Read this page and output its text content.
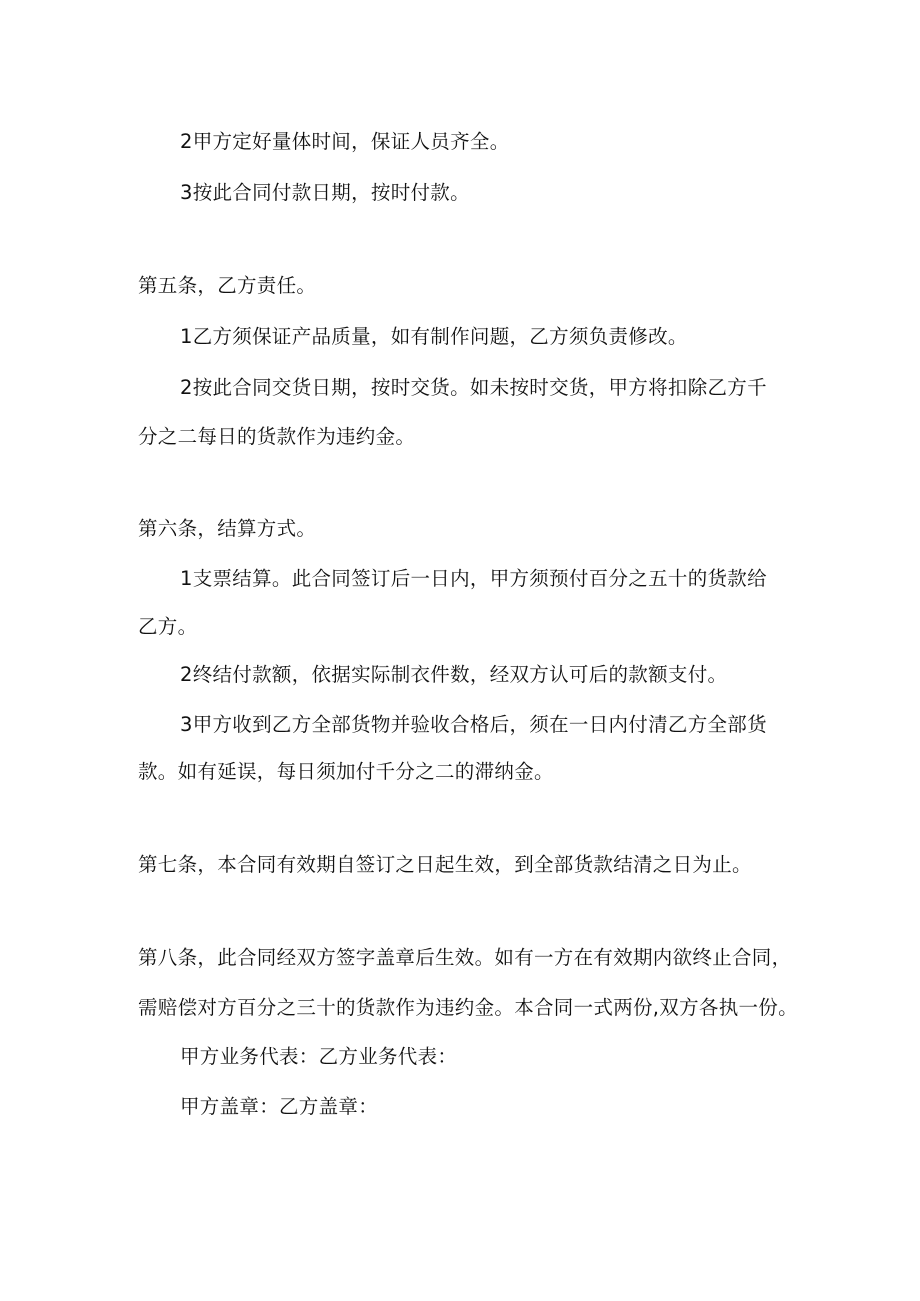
2甲方定好量体时间，保证人员齐全。
3按此合同付款日期，按时付款。
第五条，乙方责任。
1乙方须保证产品质量，如有制作问题，乙方须负责修改。
2按此合同交货日期，按时交货。如未按时交货，甲方将扣除乙方千
分之二每日的货款作为违约金。
第六条，结算方式。
1支票结算。此合同签订后一日内，甲方须预付百分之五十的货款给
乙方。
2终结付款额，依据实际制衣件数，经双方认可后的款额支付。
3甲方收到乙方全部货物并验收合格后，须在一日内付清乙方全部货
款。如有延误，每日须加付千分之二的滞纳金。
第七条，本合同有效期自签订之日起生效，到全部货款结清之日为止。
第八条，此合同经双方签字盖章后生效。如有一方在有效期内欲终止合同，
需赔偿对方百分之三十的货款作为违约金。本合同一式两份,双方各执一份。
甲方业务代表：乙方业务代表：
甲方盖章：乙方盖章：
